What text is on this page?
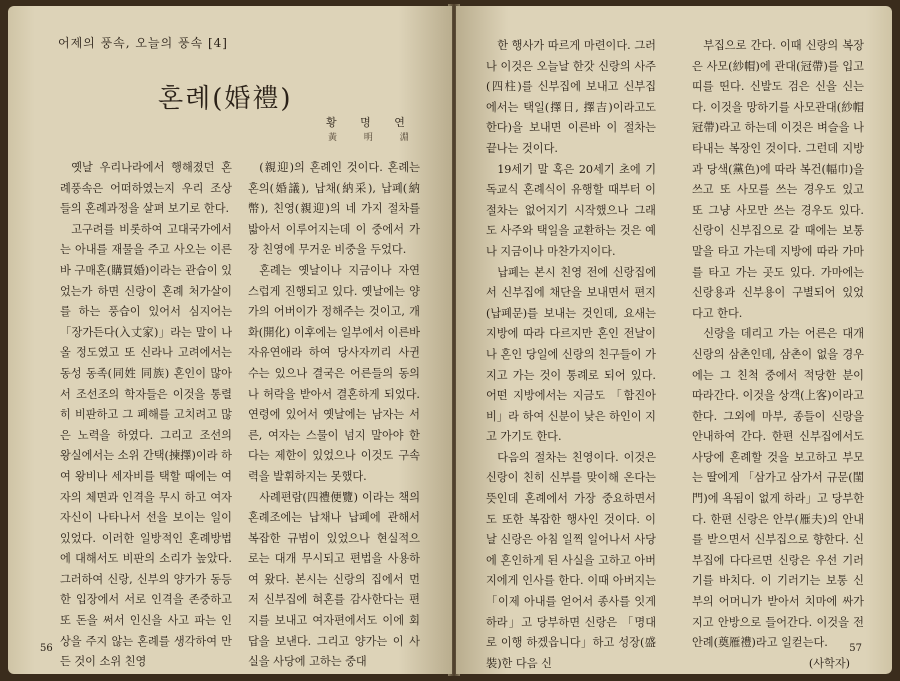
어제의 풍속, 오늘의 풍속 [4]
혼례(婚禮)
황 명 연
黃 明 淵

옛날 우리나라에서 행해졌던 혼례풍속은 어떠하였는지 우리 조상들의 혼례과정을 살펴 보기로 한다.

고구려를 비롯하여 고대국가에서는 아내를 재물을 주고 사오는 이른바 구매혼(購買婚)이라는 관습이 있었는가 하면 신랑이 혼례 처가살이를 하는 풍습이 있어서 심지어는 「장가든다(入丈家)」라는 말이 나올 정도였고 또 신라나 고려에서는 동성 동족(同姓 同族) 혼인이 많아서 조선조의 학자들은 이것을 통렬히 비판하고 그 폐해를 고치려고 많은 노력을 하였다. 그리고 조선의 왕실에서는 소위 간택(揀擇)이라 하여 왕비나 세자비를 택할 때에는 여자의 체면과 인격을 무시 하고 여자 자신이 나타나서 선을 보이는 일이 있었다. 이러한 일방적인 혼례방법에 대해서도 비판의 소리가 높았다. 그러하여 신랑, 신부의 양가가 동등한 입장에서 서로 인격을 존중하고 또 돈을 써서 인신을 사고 파는 인상을 주지 않는 혼례를 생각하여 만든 것이 소위 친영

(親迎)의 혼례인 것이다. 혼례는 혼의(婚議), 납채(納采), 납폐(納幣), 친영(親迎)의 네 가지 절차를 밟아서 이루어지는데 이 중에서 가장 친영에 무거운 비중을 두었다.

혼례는 옛날이나 지금이나 자연스럽게 진행되고 있다. 옛날에는 양가의 어버이가 정해주는 것이고, 개화(開化) 이후에는 일부에서 이른바 자유연애라 하여 당사자끼리 사귄 수는 있으나 결국은 어른들의 동의나 허락을 받아서 결혼하게 되었다. 연령에 있어서 옛날에는 남자는 서른, 여자는 스물이 넘지 말아야 한다는 제한이 있었으나 이것도 구속력을 발휘하지는 못했다.

사례편람(四禮便覽) 이라는 책의 혼례조에는 납채나 납폐에 관해서 복잡한 규범이 있었으나 현실적으로는 대개 무시되고 편법을 사용하여 왔다. 본시는 신랑의 집에서 먼저 신부집에 혀혼를 감사한다는 편지를 보내고 여자편에서도 이에 회답을 보낸다. 그리고 양가는 이 사실을 사당에 고하는 중대

56

한 행사가 따르게 마련이다. 그러나 이것은 오늘날 한갓 신랑의 사주(四柱)를 신부집에 보내고 신부집에서는 택일(擇日, 擇吉)이라고도 한다)을 보내면 이른바 이 절차는 끝나는 것이다.

19세기 말 혹은 20세기 초에 기독교식 혼례식이 유행할 때부터 이 절차는 없어지기 시작했으나 그래도 사주와 택일을 교환하는 것은 예나 지금이나 마찬가지이다.

납폐는 본시 친영 전에 신랑집에서 신부집에 채단을 보내면서 편지(납폐문)를 보내는 것인데, 요새는 지방에 따라 다르지만 혼인 전날이나 혼인 당일에 신랑의 친구들이 가지고 가는 것이 통례로 되어 있다. 어떤 지방에서는 지금도 「함진아비」라 하여 신분이 낮은 하인이 지고 가기도 한다.

다음의 절차는 친영이다. 이것은 신랑이 친히 신부를 맞이해 온다는 뜻인데 혼례에서 가장 중요하면서도 또한 복잡한 행사인 것이다. 이날 신랑은 아침 일찍 일어나서 사당에 혼인하게 된 사실을 고하고 아버지에게 인사를 한다. 이때 아버지는 「이제 아내를 얻어서 종사를 잇게 하라」고 당부하면 신랑은 「명대로 이행 하겠읍니다」하고 성장(盛裝)한 다음 신

부집으로 간다. 이때 신랑의 복장은 사모(紗帽)에 관대(冠帶)를 입고 띠를 띤다. 신발도 검은 신을 신는다. 이것을 망하기를 사모관대(紗帽冠帶)라고 하는데 이것은 벼슬을 나타내는 복장인 것이다. 그런데 지방과 당색(黨色)에 따라 복건(幅巾)을 쓰고 또 사모를 쓰는 경우도 있고 또 그냥 사모만 쓰는 경우도 있다. 신랑이 신부집으로 갈 때에는 보통 말을 타고 가는데 지방에 따라 가마를 타고 가는 곳도 있다. 가마에는 신랑용과 신부용이 구별되어 있었다고 한다.

신랑을 데리고 가는 어른은 대개 신랑의 삼촌인데, 삼촌이 없을 경우에는 그 친척 중에서 적당한 분이 따라간다. 이것을 상객(上客)이라고 한다. 그외에 마부, 종들이 신랑을 안내하여 간다. 한편 신부집에서도 사당에 혼례할 것을 보고하고 부모는 딸에게 「삼가고 삼가서 규문(閨門)에 욕됨이 없게 하라」고 당부한다. 한편 신랑은 안부(雁夫)의 안내를 받으면서 신부집으로 향한다. 신부집에 다다르면 신랑은 우선 기러기를 바치다. 이 기러기는 보통 신부의 어머니가 받아서 치마에 싸가지고 안방으로 들어간다. 이것을 전안례(奠雁禮)라고 일컫는다.

(사학자)

57
